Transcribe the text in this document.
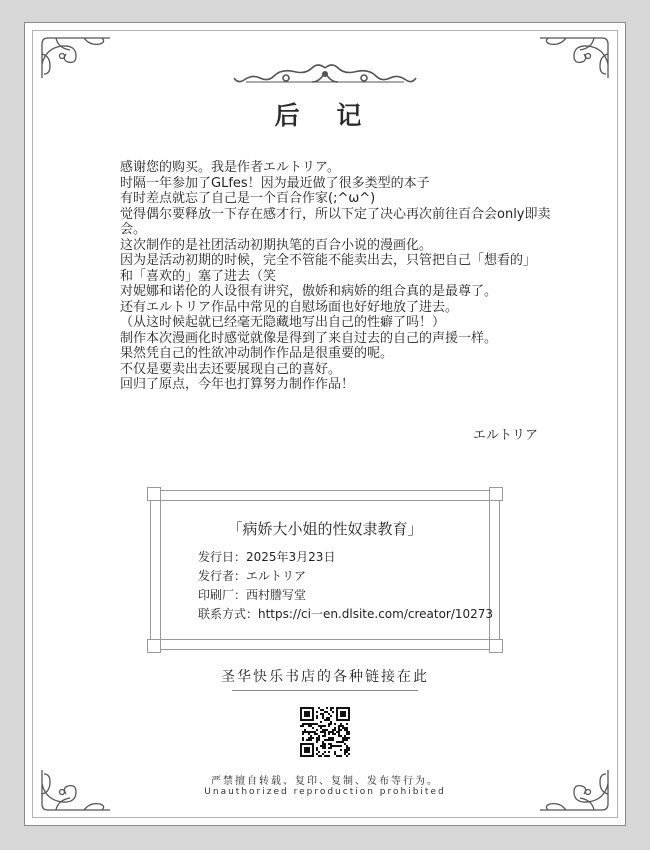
后 记
感谢您的购买。我是作者エルトリア。
时隔一年参加了GLfes！因为最近做了很多类型的本子
有时差点就忘了自己是一个百合作家(;^ω^)
觉得偶尔要释放一下存在感才行，所以下定了决心再次前往百合会only即卖
会。
这次制作的是社团活动初期执笔的百合小说的漫画化。
因为是活动初期的时候，完全不管能不能卖出去，只管把自己「想看的」
和「喜欢的」塞了进去（笑
对妮娜和诺伦的人设很有讲究，傲娇和病娇的组合真的是最尊了。
还有エルトリア作品中常见的自慰场面也好好地放了进去。
（从这时候起就已经毫无隐藏地写出自己的性癖了吗！）
制作本次漫画化时感觉就像是得到了来自过去的自己的声援一样。
果然凭自己的性欲冲动制作作品是很重要的呢。
不仅是要卖出去还要展现自己的喜好。
回归了原点，今年也打算努力制作作品！
エルトリア
「病娇大小姐的性奴隶教育」
发行日：2025年3月23日
发行者：エルトリア
印刷厂：西村謄写堂
联系方式：https://ci一en.dlsite.com/creator/10273
圣华快乐书店的各种链接在此
严禁擅自转载、复印、复制、发布等行为。
Unauthorized reproduction prohibited
